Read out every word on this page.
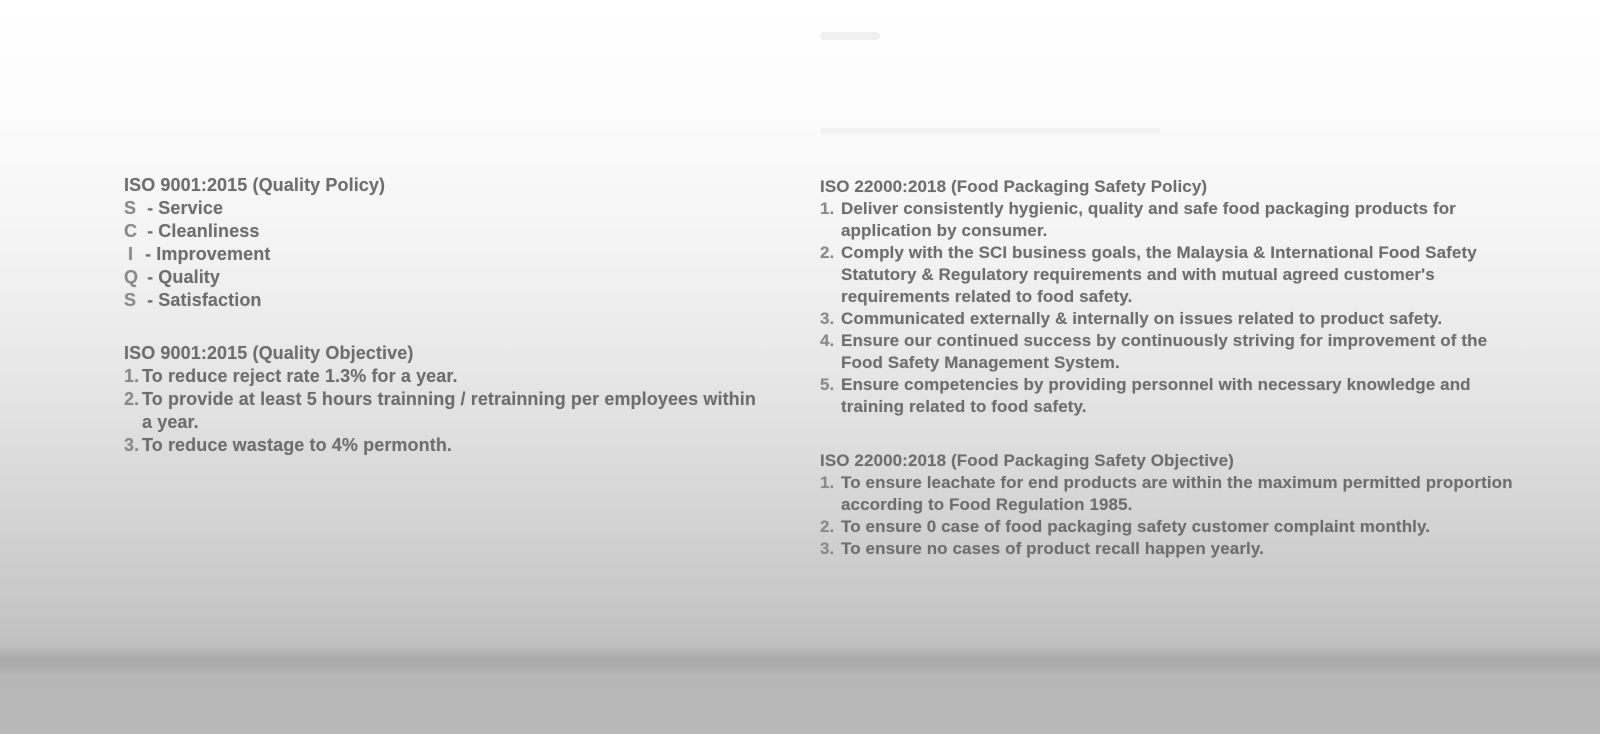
ISO 9001:2015 (Quality Policy)
S - Service
C - Cleanliness
I - Improvement
Q - Quality
S - Satisfaction
ISO 9001:2015 (Quality Objective)
1. To reduce reject rate 1.3% for a year.
2. To provide at least 5 hours trainning / retrainning per employees within a year.
3. To reduce wastage to 4% permonth.
ISO 22000:2018 (Food Packaging Safety Policy)
1. Deliver consistently hygienic, quality and safe food packaging products for application by consumer.
2. Comply with the SCI business goals, the Malaysia & International Food Safety Statutory & Regulatory requirements and with mutual agreed customer's requirements related to food safety.
3. Communicated externally & internally on issues related to product safety.
4. Ensure our continued success by continuously striving for improvement of the Food Safety Management System.
5. Ensure competencies by providing personnel with necessary knowledge and training related to food safety.
ISO 22000:2018 (Food Packaging Safety Objective)
1. To ensure leachate for end products are within the maximum permitted proportion according to Food Regulation 1985.
2. To ensure 0 case of food packaging safety customer complaint monthly.
3. To ensure no cases of product recall happen yearly.
